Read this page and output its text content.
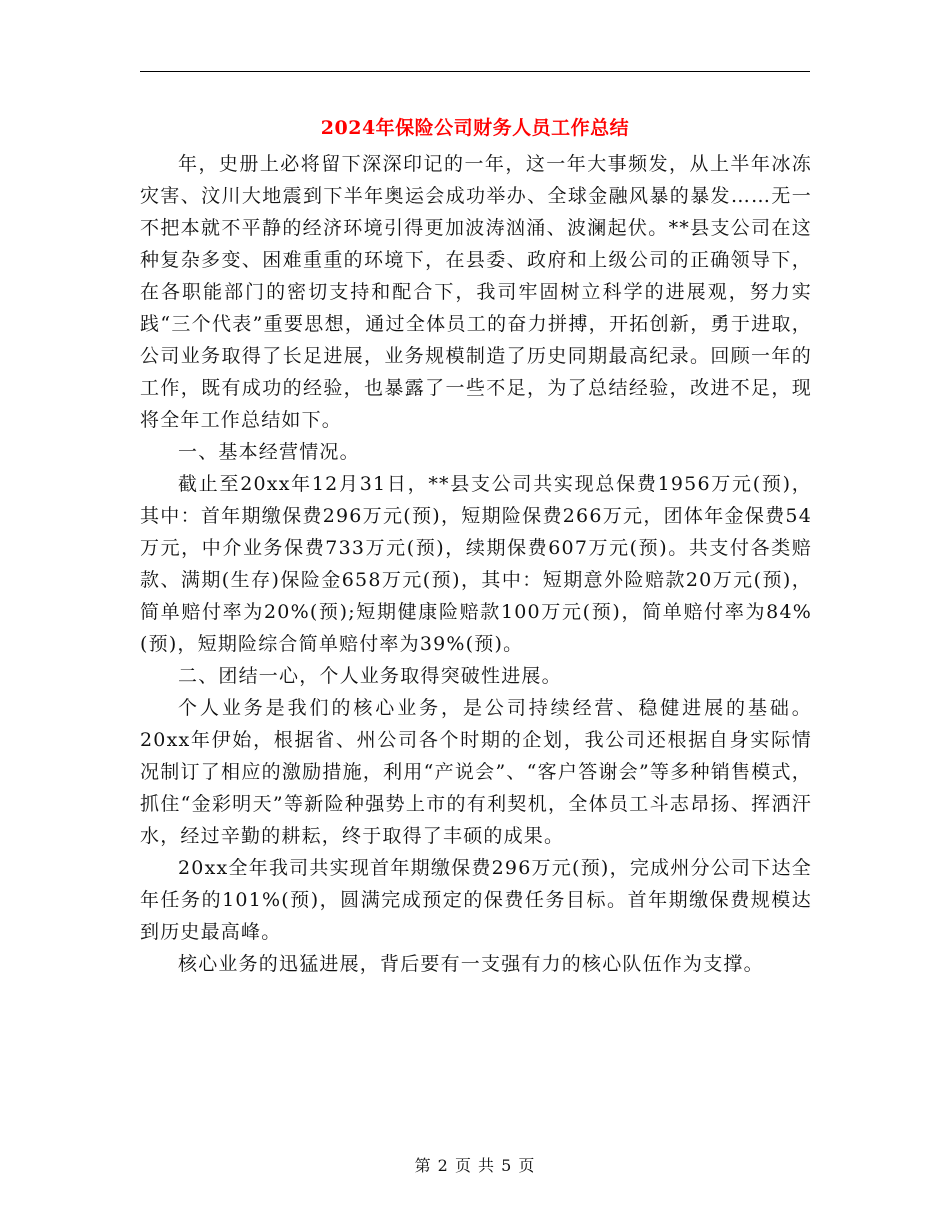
2024年保险公司财务人员工作总结

年，史册上必将留下深深印记的一年，这一年大事频发，从上半年冰冻灾害、汶川大地震到下半年奥运会成功举办、全球金融风暴的暴发……无一不把本就不平静的经济环境引得更加波涛汹涌、波澜起伏。**县支公司在这种复杂多变、困难重重的环境下，在县委、政府和上级公司的正确领导下，在各职能部门的密切支持和配合下，我司牢固树立科学的进展观，努力实践“三个代表”重要思想，通过全体员工的奋力拼搏，开拓创新，勇于进取，公司业务取得了长足进展，业务规模制造了历史同期最高纪录。回顾一年的工作，既有成功的经验，也暴露了一些不足，为了总结经验，改进不足，现将全年工作总结如下。

一、基本经营情况。

截止至20xx年12月31日，**县支公司共实现总保费1956万元(预)，其中：首年期缴保费296万元(预)，短期险保费266万元，团体年金保费54万元，中介业务保费733万元(预)，续期保费607万元(预)。共支付各类赔款、满期(生存)保险金658万元(预)，其中：短期意外险赔款20万元(预)，简单赔付率为20%(预);短期健康险赔款100万元(预)，简单赔付率为84%(预)，短期险综合简单赔付率为39%(预)。

二、团结一心，个人业务取得突破性进展。

个人业务是我们的核心业务，是公司持续经营、稳健进展的基础。20xx年伊始，根据省、州公司各个时期的企划，我公司还根据自身实际情况制订了相应的激励措施，利用“产说会”、“客户答谢会”等多种销售模式，抓住“金彩明天”等新险种强势上市的有利契机，全体员工斗志昂扬、挥洒汗水，经过辛勤的耕耘，终于取得了丰硕的成果。

20xx全年我司共实现首年期缴保费296万元(预)，完成州分公司下达全年任务的101%(预)，圆满完成预定的保费任务目标。首年期缴保费规模达到历史最高峰。

核心业务的迅猛进展，背后要有一支强有力的核心队伍作为支撑。

第 2 页 共 5 页
